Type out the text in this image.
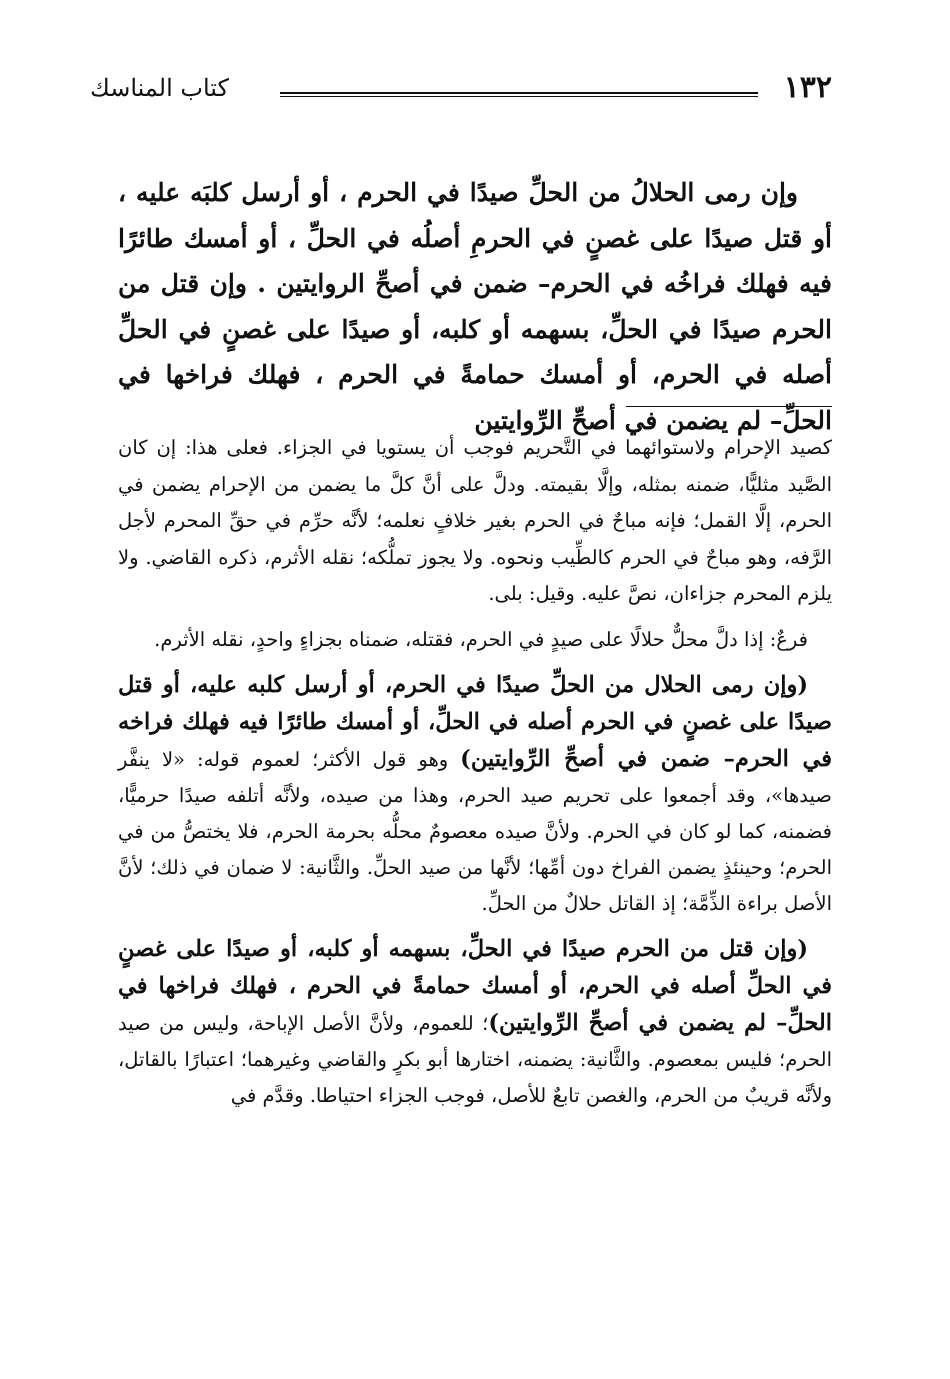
١٣٢
كتاب المناسك

وإن رمى الحلالُ من الحلِّ صيدًا في الحرم ، أو أرسل كلبَه عليه ، أو قتل صيدًا على غصنٍ في الحرمِ أصلُه في الحلِّ ، أو أمسك طائرًا فيه فهلك فراخُه في الحرم– ضمن في أصحِّ الروايتين . وإن قتل من الحرم صيدًا في الحلِّ، بسهمه أو كلبه، أو صيدًا على غصنٍ في الحلِّ أصله في الحرم، أو أمسك حمامةً في الحرم ، فهلك فراخها في الحلِّ– لم يضمن في أصحِّ الرِّوايتين

كصيد الإحرام ولاستوائهما في التَّحريم فوجب أن يستويا في الجزاء. فعلى هذا: إن كان الصَّيد مثليًّا، ضمنه بمثله، وإلَّا بقيمته. ودلَّ على أنَّ كلَّ ما يضمن من الإحرام يضمن في الحرم، إلَّا القمل؛ فإنه مباحٌ في الحرم بغير خلافٍ نعلمه؛ لأنَّه حرِّم في حقِّ المحرم لأجل الرَّفه، وهو مباحٌ في الحرم كالطِّيب ونحوه. ولا يجوز تملُّكه؛ نقله الأثرم، ذكره القاضي. ولا يلزم المحرم جزاءان، نصَّ عليه. وقيل: بلى.

فرعٌ: إذا دلَّ محلٌّ حلالًا على صيدٍ في الحرم، فقتله، ضمناه بجزاءٍ واحدٍ، نقله الأثرم.

(وإن رمى الحلال من الحلِّ صيدًا في الحرم، أو أرسل كلبه عليه، أو قتل صيدًا على غصنٍ في الحرم أصله في الحلِّ، أو أمسك طائرًا فيه فهلك فراخه في الحرم– ضمن في أصحِّ الرِّوايتين) وهو قول الأكثر؛ لعموم قوله: «لا ينفَّر صيدها»، وقد أجمعوا على تحريم صيد الحرم، وهذا من صيده، ولأنَّه أتلفه صيدًا حرميًّا، فضمنه، كما لو كان في الحرم. ولأنَّ صيده معصومٌ محلُّه بحرمة الحرم، فلا يختصُّ من في الحرم؛ وحينئذٍ يضمن الفراخ دون أمِّها؛ لأنَّها من صيد الحلِّ. والثَّانية: لا ضمان في ذلك؛ لأنَّ الأصل براءة الذِّمَّة؛ إذ القاتل حلالٌ من الحلِّ.

(وإن قتل من الحرم صيدًا في الحلِّ، بسهمه أو كلبه، أو صيدًا على غصنٍ في الحلِّ أصله في الحرم، أو أمسك حمامةً في الحرم ، فهلك فراخها في الحلِّ– لم يضمن في أصحِّ الرِّوايتين)؛ للعموم، ولأنَّ الأصل الإباحة، وليس من صيد الحرم؛ فليس بمعصوم. والثَّانية: يضمنه، اختارها أبو بكرٍ والقاضي وغيرهما؛ اعتبارًا بالقاتل، ولأنَّه قريبٌ من الحرم، والغصن تابعٌ للأصل، فوجب الجزاء احتياطا. وقدَّم في
